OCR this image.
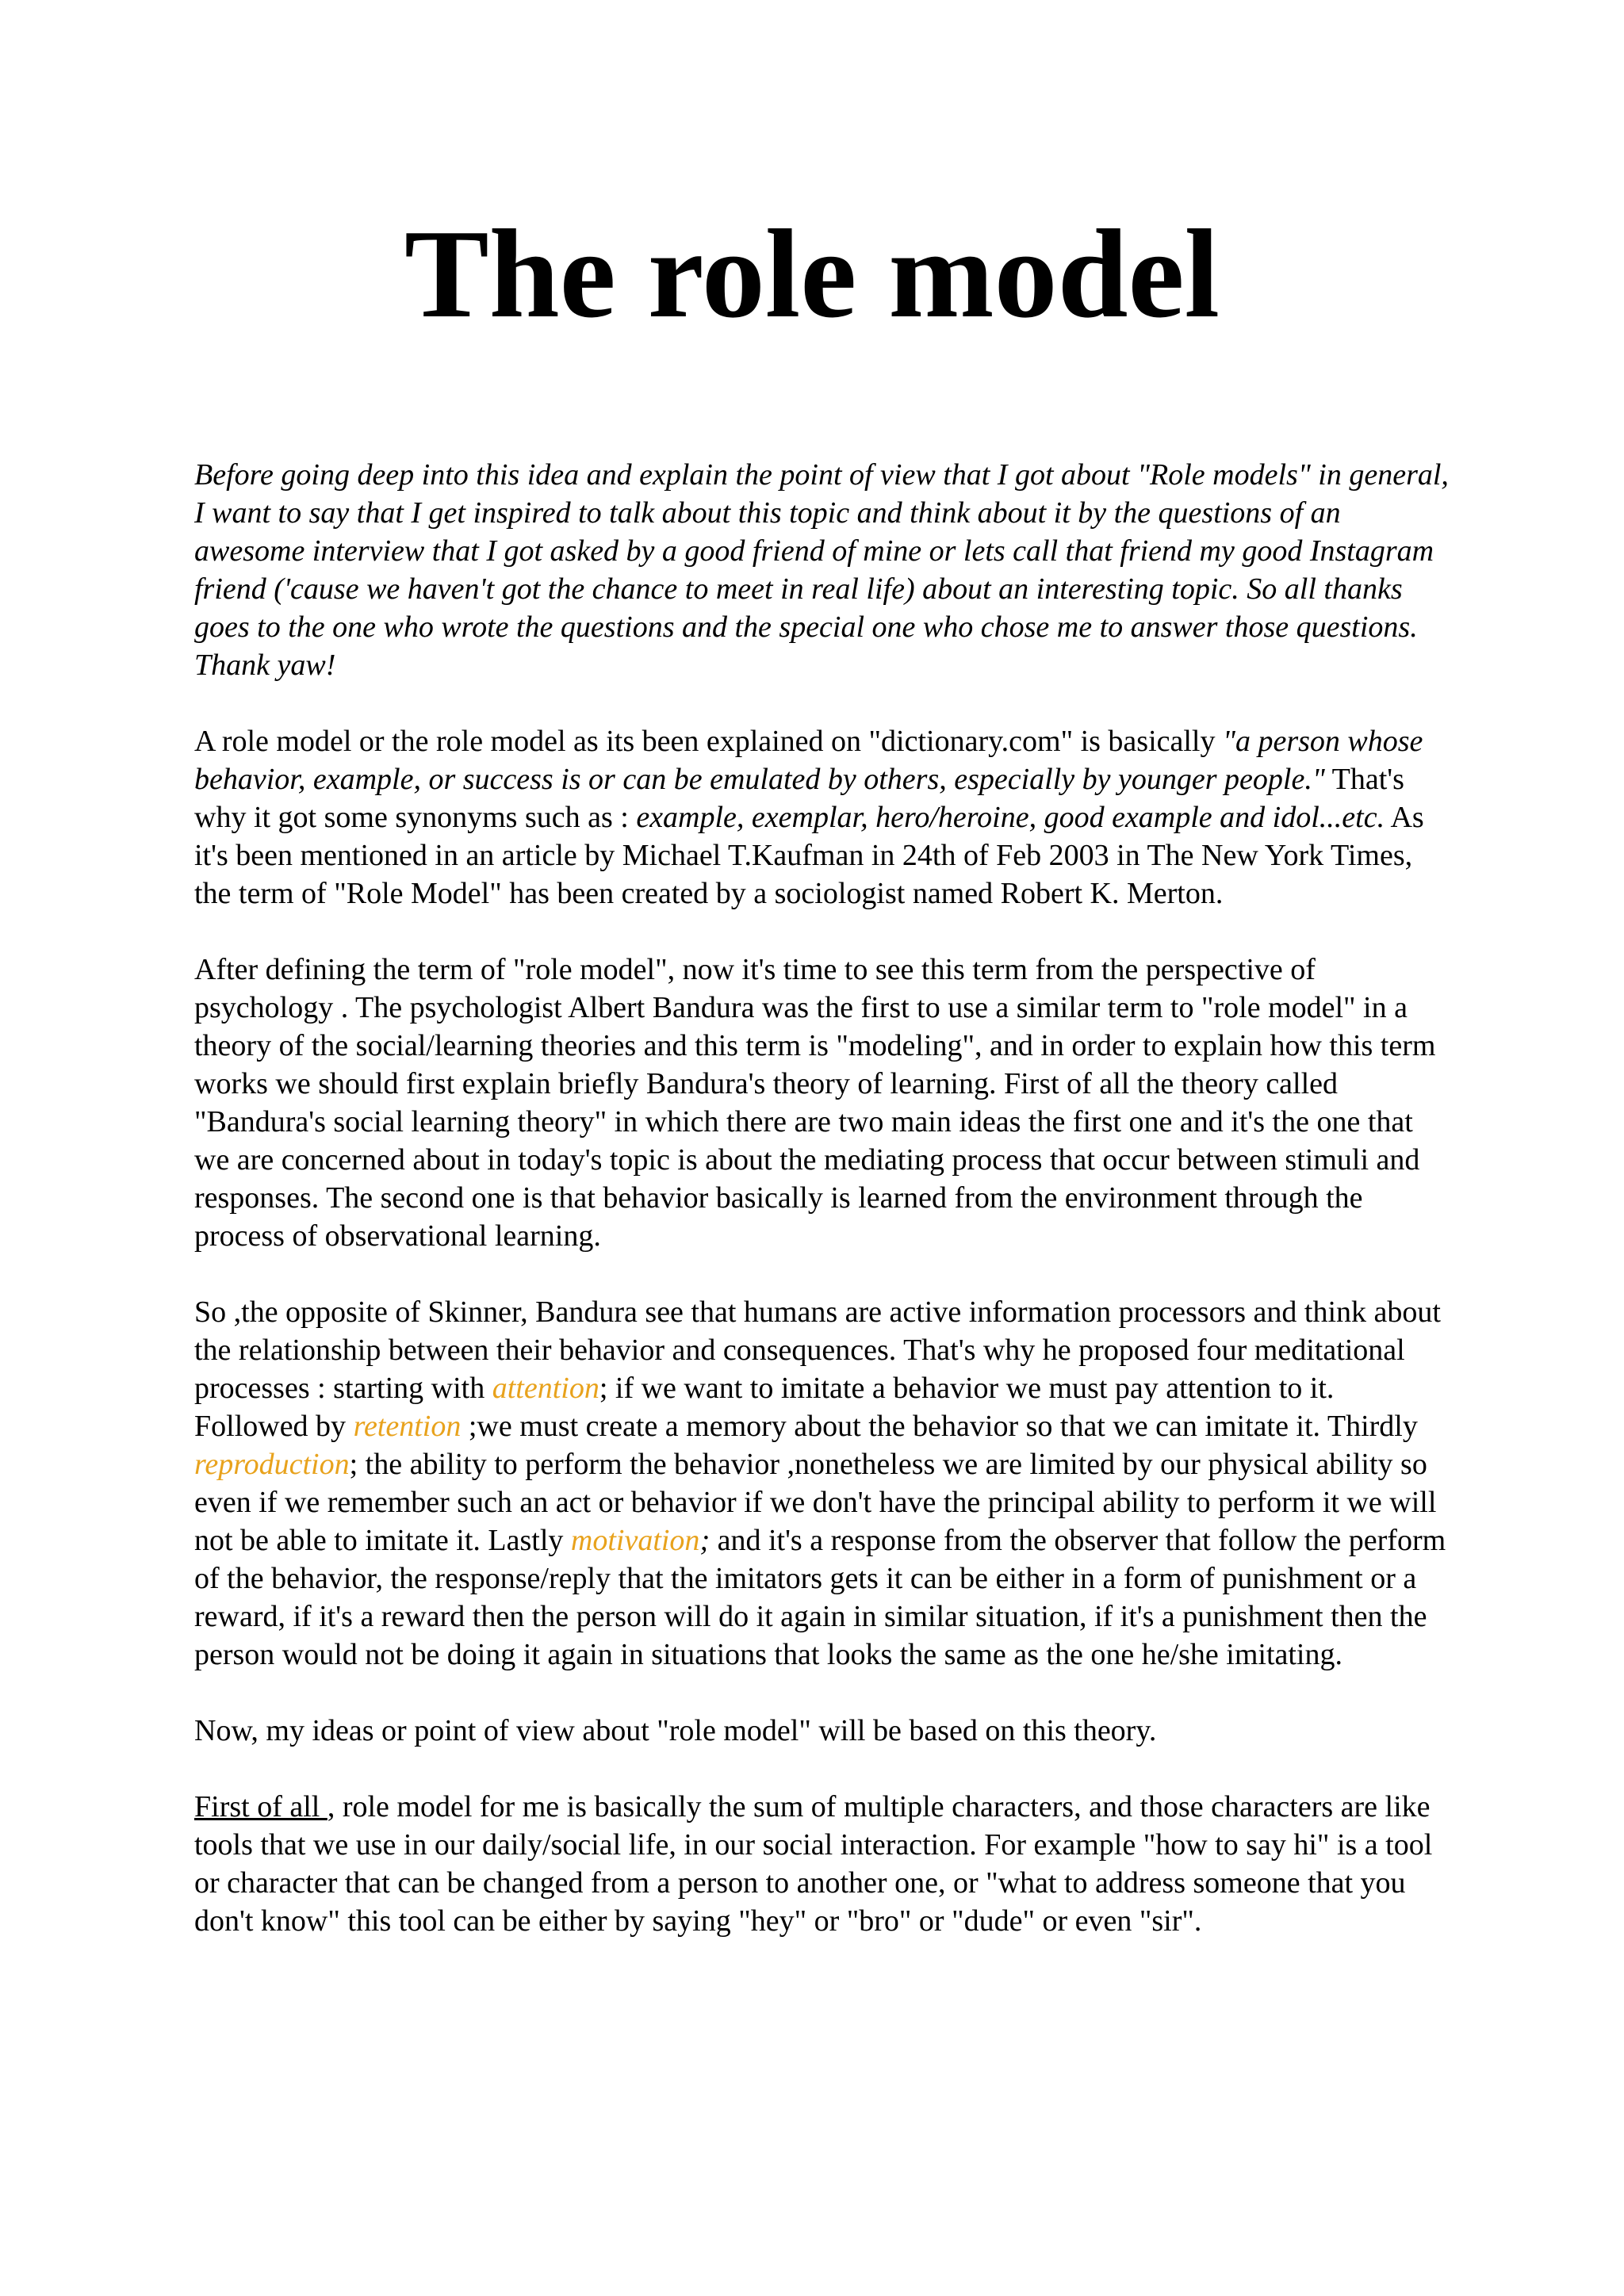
The role model

Before going deep into this idea and explain the point of view that I got about "Role models" in general, I want to say that I get inspired to talk about this topic and think about it by the questions of an awesome interview that I got asked by a good friend of mine or lets call that friend my good Instagram friend ('cause we haven't got the chance to meet in real life) about an interesting topic. So all thanks goes to the one who wrote the questions and the special one who chose me to answer those questions. Thank yaw!

A role model or the role model as its been explained on "dictionary.com" is basically "a person whose behavior, example, or success is or can be emulated by others, especially by younger people." That's why it got some synonyms such as : example, exemplar, hero/heroine, good example and idol...etc. As it's been mentioned in an article by Michael T.Kaufman in 24th of Feb 2003 in The New York Times, the term of "Role Model" has been created by a sociologist named Robert K. Merton.

After defining the term of "role model", now it's time to see this term from the perspective of psychology . The psychologist Albert Bandura was the first to use a similar term to "role model" in a theory of the social/learning theories and this term is "modeling", and in order to explain how this term works we should first explain briefly Bandura's theory of learning. First of all the theory called "Bandura's social learning theory" in which there are two main ideas the first one and it's the one that we are concerned about in today's topic is about the mediating process that occur between stimuli and responses. The second one is that behavior basically is learned from the environment through the process of observational learning.

So ,the opposite of Skinner, Bandura see that humans are active information processors and think about the relationship between their behavior and consequences. That's why he proposed four meditational processes : starting with attention; if we want to imitate a behavior we must pay attention to it. Followed by retention ;we must create a memory about the behavior so that we can imitate it. Thirdly reproduction; the ability to perform the behavior ,nonetheless we are limited by our physical ability so even if we remember such an act or behavior if we don't have the principal ability to perform it we will not be able to imitate it. Lastly motivation; and it's a response from the observer that follow the perform of the behavior, the response/reply that the imitators gets it can be either in a form of punishment or a reward, if it's a reward then the person will do it again in similar situation, if it's a punishment then the person would not be doing it again in situations that looks the same as the one he/she imitating.

Now, my ideas or point of view about "role model" will be based on this theory.

First of all , role model for me is basically the sum of multiple characters, and those characters are like tools that we use in our daily/social life, in our social interaction. For example "how to say hi" is a tool or character that can be changed from a person to another one, or "what to address someone that you don't know" this tool can be either by saying "hey" or "bro" or "dude" or even "sir".
